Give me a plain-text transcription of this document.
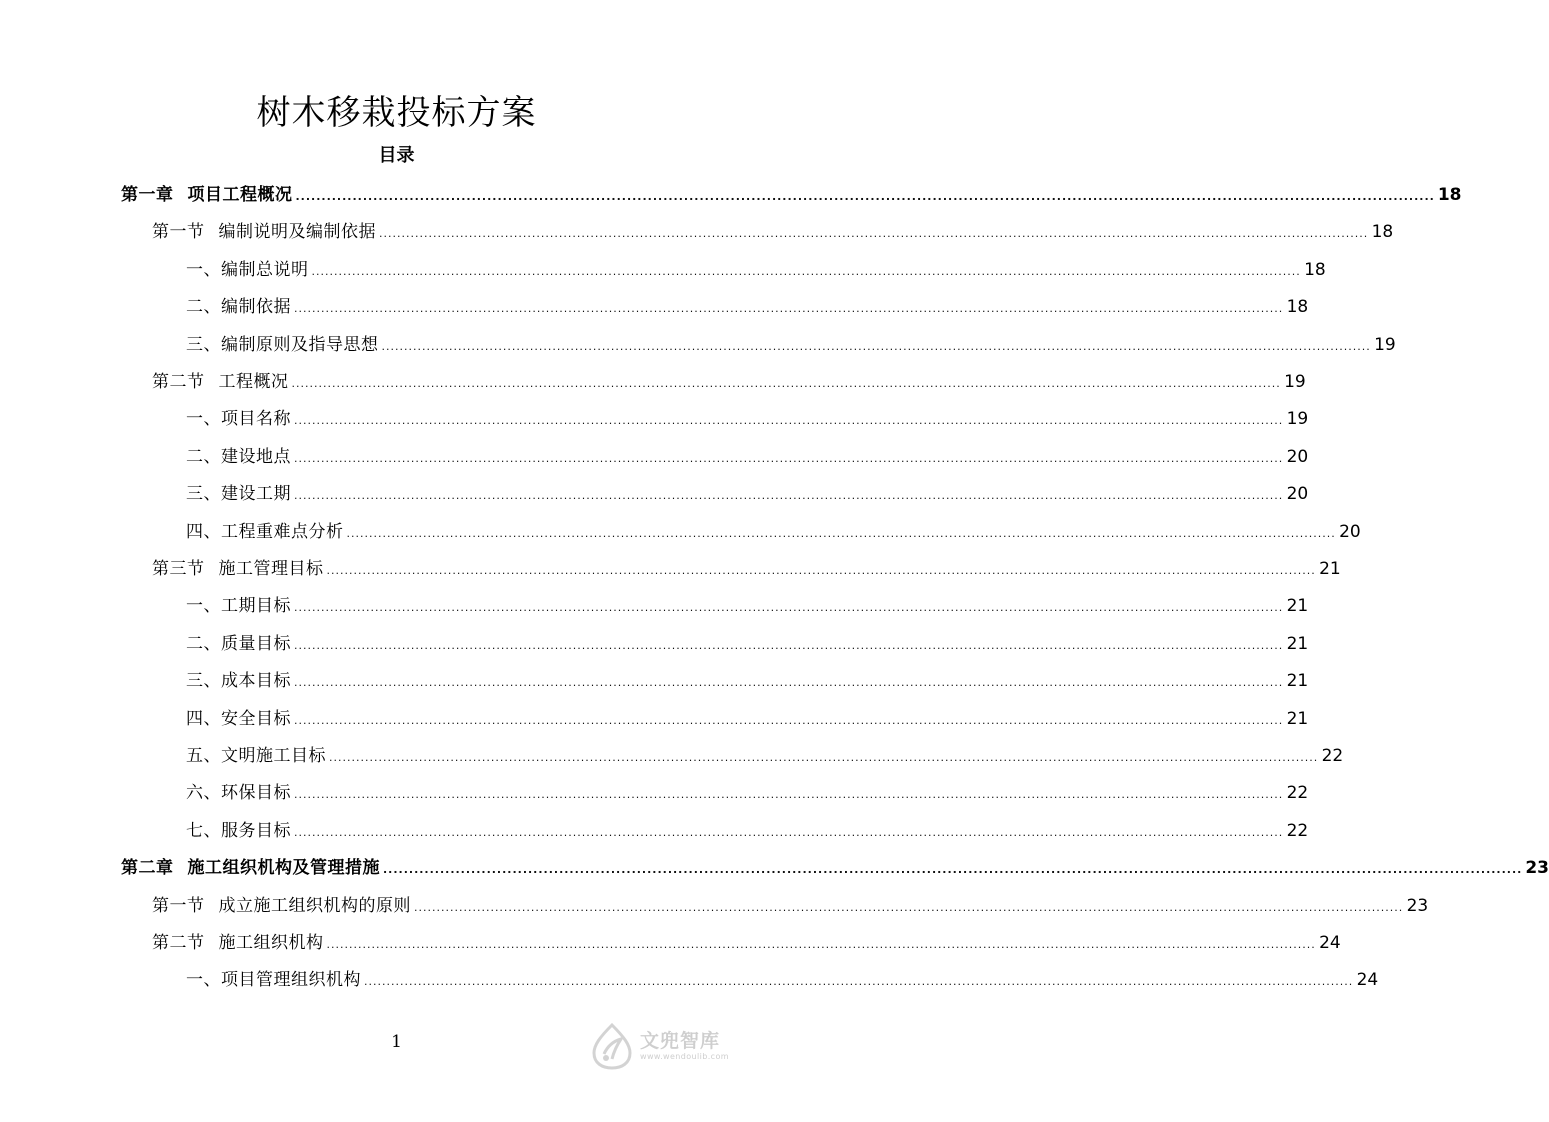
树木移栽投标方案
目录
第一章 项目工程概况 ............................................................................................................................................................................................................................ 18
第一节 编制说明及编制依据 ............................................................................................................................................................................................................................ 18
一、编制总说明 ............................................................................................................................................................................................................................ 18
二、编制依据 ............................................................................................................................................................................................................................ 18
三、编制原则及指导思想 ............................................................................................................................................................................................................................ 19
第二节 工程概况 ............................................................................................................................................................................................................................ 19
一、项目名称 ............................................................................................................................................................................................................................ 19
二、建设地点 ............................................................................................................................................................................................................................ 20
三、建设工期 ............................................................................................................................................................................................................................ 20
四、工程重难点分析 ............................................................................................................................................................................................................................ 20
第三节 施工管理目标 ............................................................................................................................................................................................................................ 21
一、工期目标 ............................................................................................................................................................................................................................ 21
二、质量目标 ............................................................................................................................................................................................................................ 21
三、成本目标 ............................................................................................................................................................................................................................ 21
四、安全目标 ............................................................................................................................................................................................................................ 21
五、文明施工目标 ............................................................................................................................................................................................................................ 22
六、环保目标 ............................................................................................................................................................................................................................ 22
七、服务目标 ............................................................................................................................................................................................................................ 22
第二章 施工组织机构及管理措施 ............................................................................................................................................................................................................................ 23
第一节 成立施工组织机构的原则 ............................................................................................................................................................................................................................ 23
第二节 施工组织机构 ............................................................................................................................................................................................................................ 24
一、项目管理组织机构 ............................................................................................................................................................................................................................ 24
1	文兜智库
www.wendoulib.com
